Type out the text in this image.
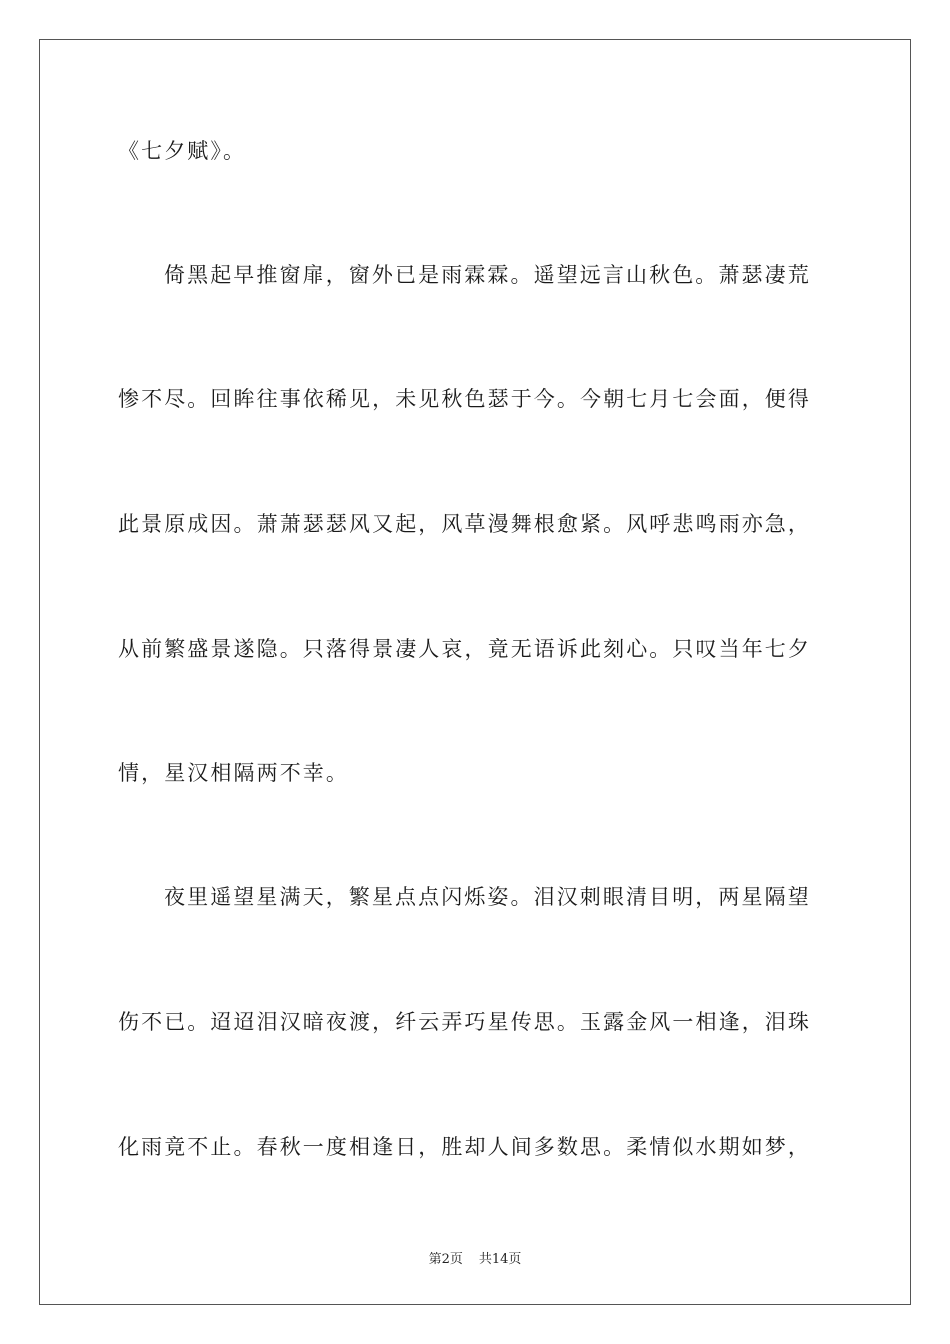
《七夕赋》。
倚黑起早推窗扉，窗外已是雨霖霖。遥望远言山秋色。萧瑟凄荒
惨不尽。回眸往事依稀见，未见秋色瑟于今。今朝七月七会面，便得
此景原成因。萧萧瑟瑟风又起，风草漫舞根愈紧。风呼悲鸣雨亦急，
从前繁盛景遂隐。只落得景凄人哀，竟无语诉此刻心。只叹当年七夕
情，星汉相隔两不幸。
夜里遥望星满天，繁星点点闪烁姿。泪汉刺眼清目明，两星隔望
伤不已。迢迢泪汉暗夜渡，纤云弄巧星传思。玉露金风一相逢，泪珠
化雨竟不止。春秋一度相逢日，胜却人间多数思。柔情似水期如梦，
第2页 共14页
